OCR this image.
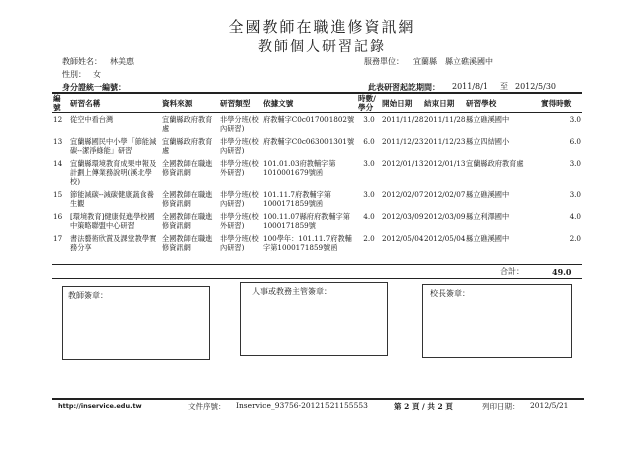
全國教師在職進修資訊網
教師個人研習記錄
教師姓名： 林美惠	服務單位： 宜蘭縣　縣立礁溪國中
性別： 女
身分證統一編號：	此表研習起訖期間： 2011/8/1 至 2012/5/30
編號	研習名稱	資料來源	研習類型	依據文號	時數/學分	開始日期	結束日期	研習學校	實得時數
12	從空中看台灣	宜蘭縣政府教育處	非學分班(校內研習)	府教輔字C0c017001802號	3.0	2011/11/28	2011/11/28	縣立礁溪國中	3.0
13	宜蘭縣國民中小學「節能減碳--潔淨綠能」研習	宜蘭縣政府教育處	非學分班(校內研習)	府教輔字C0c063001301號	6.0	2011/12/23	2011/12/23	縣立四結國小	6.0
14	宜蘭縣環境教育成果申報及計劃上傳業務說明(溪北學校)	全國教師在職進修資訊網	非學分班(校外研習)	101.01.03府教輔字第1010001679號函	3.0	2012/01/13	2012/01/13	宜蘭縣政府教育處	3.0
15	節能減碳--減碳健康蔬食養生觀	全國教師在職進修資訊網	非學分班(校內研習)	101.11.7府教輔字第1000171859號函	3.0	2012/02/07	2012/02/07	縣立礁溪國中	3.0
16	[環境教育]健康促進學校國中策略聯盟中心研習	全國教師在職進修資訊網	非學分班(校外研習)	100.11.07縣府府教輔字第1000171859號	4.0	2012/03/09	2012/03/09	縣立利澤國中	4.0
17	書法藝術欣賞及課堂教學實務分享	全國教師在職進修資訊網	非學分班(校內研習)	100學年：101.11.7府教輔字第1000171859號函	2.0	2012/05/04	2012/05/04	縣立礁溪國中	2.0
合計：	49.0
教師簽章：	人事或教務主管簽章：	校長簽章：
http://inservice.edu.tw	文件序號： Inservice_93756-20121521155553	第 2 頁 / 共 2 頁	列印日期： 2012/5/21
